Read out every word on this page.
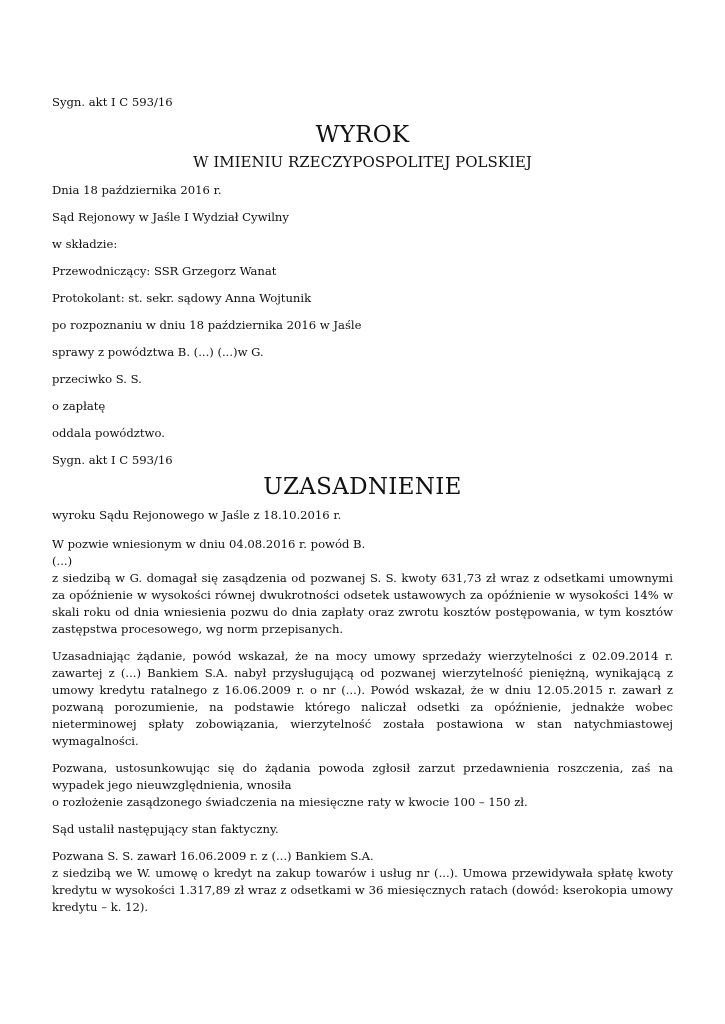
Sygn. akt I C 593/16

WYROK

W IMIENIU RZECZYPOSPOLITEJ POLSKIEJ

Dnia 18 października 2016 r.

Sąd Rejonowy w Jaśle I Wydział Cywilny

w składzie:

Przewodniczący: SSR Grzegorz Wanat

Protokolant: st. sekr. sądowy Anna Wojtunik

po rozpoznaniu w dniu 18 października 2016 w Jaśle

sprawy z powództwa B. (...) (...)w G.

przeciwko S. S.

o zapłatę

oddala powództwo.

Sygn. akt I C 593/16

UZASADNIENIE

wyroku Sądu Rejonowego w Jaśle z 18.10.2016 r.

W pozwie wniesionym w dniu 04.08.2016 r. powód B.
(...)
z siedzibą w G. domagał się zasądzenia od pozwanej S. S. kwoty 631,73 zł wraz z odsetkami umownymi za opóźnienie w wysokości równej dwukrotności odsetek ustawowych za opóźnienie w wysokości 14% w skali roku od dnia wniesienia pozwu do dnia zapłaty oraz zwrotu kosztów postępowania, w tym kosztów zastępstwa procesowego, wg norm przepisanych.
Uzasadniając żądanie, powód wskazał, że na mocy umowy sprzedaży wierzytelności z 02.09.2014 r. zawartej z (...) Bankiem S.A. nabył przysługującą od pozwanej wierzytelność pieniężną, wynikającą z umowy kredytu ratalnego z 16.06.2009 r. o nr (...). Powód wskazał, że w dniu 12.05.2015 r. zawarł z pozwaną porozumienie, na podstawie którego naliczał odsetki za opóźnienie, jednakże wobec nieterminowej spłaty zobowiązania, wierzytelność została postawiona w stan natychmiastowej wymagalności.
Pozwana, ustosunkowując się do żądania powoda zgłosił zarzut przedawnienia roszczenia, zaś na wypadek jego nieuwzględnienia, wnosiła
o rozłożenie zasądzonego świadczenia na miesięczne raty w kwocie 100 – 150 zł.
Sąd ustalił następujący stan faktyczny.
Pozwana S. S. zawarł 16.06.2009 r. z (...) Bankiem S.A.
z siedzibą we W. umowę o kredyt na zakup towarów i usług nr (...). Umowa przewidywała spłatę kwoty kredytu w wysokości 1.317,89 zł wraz z odsetkami w 36 miesięcznych ratach (dowód: kserokopia umowy kredytu – k. 12).
